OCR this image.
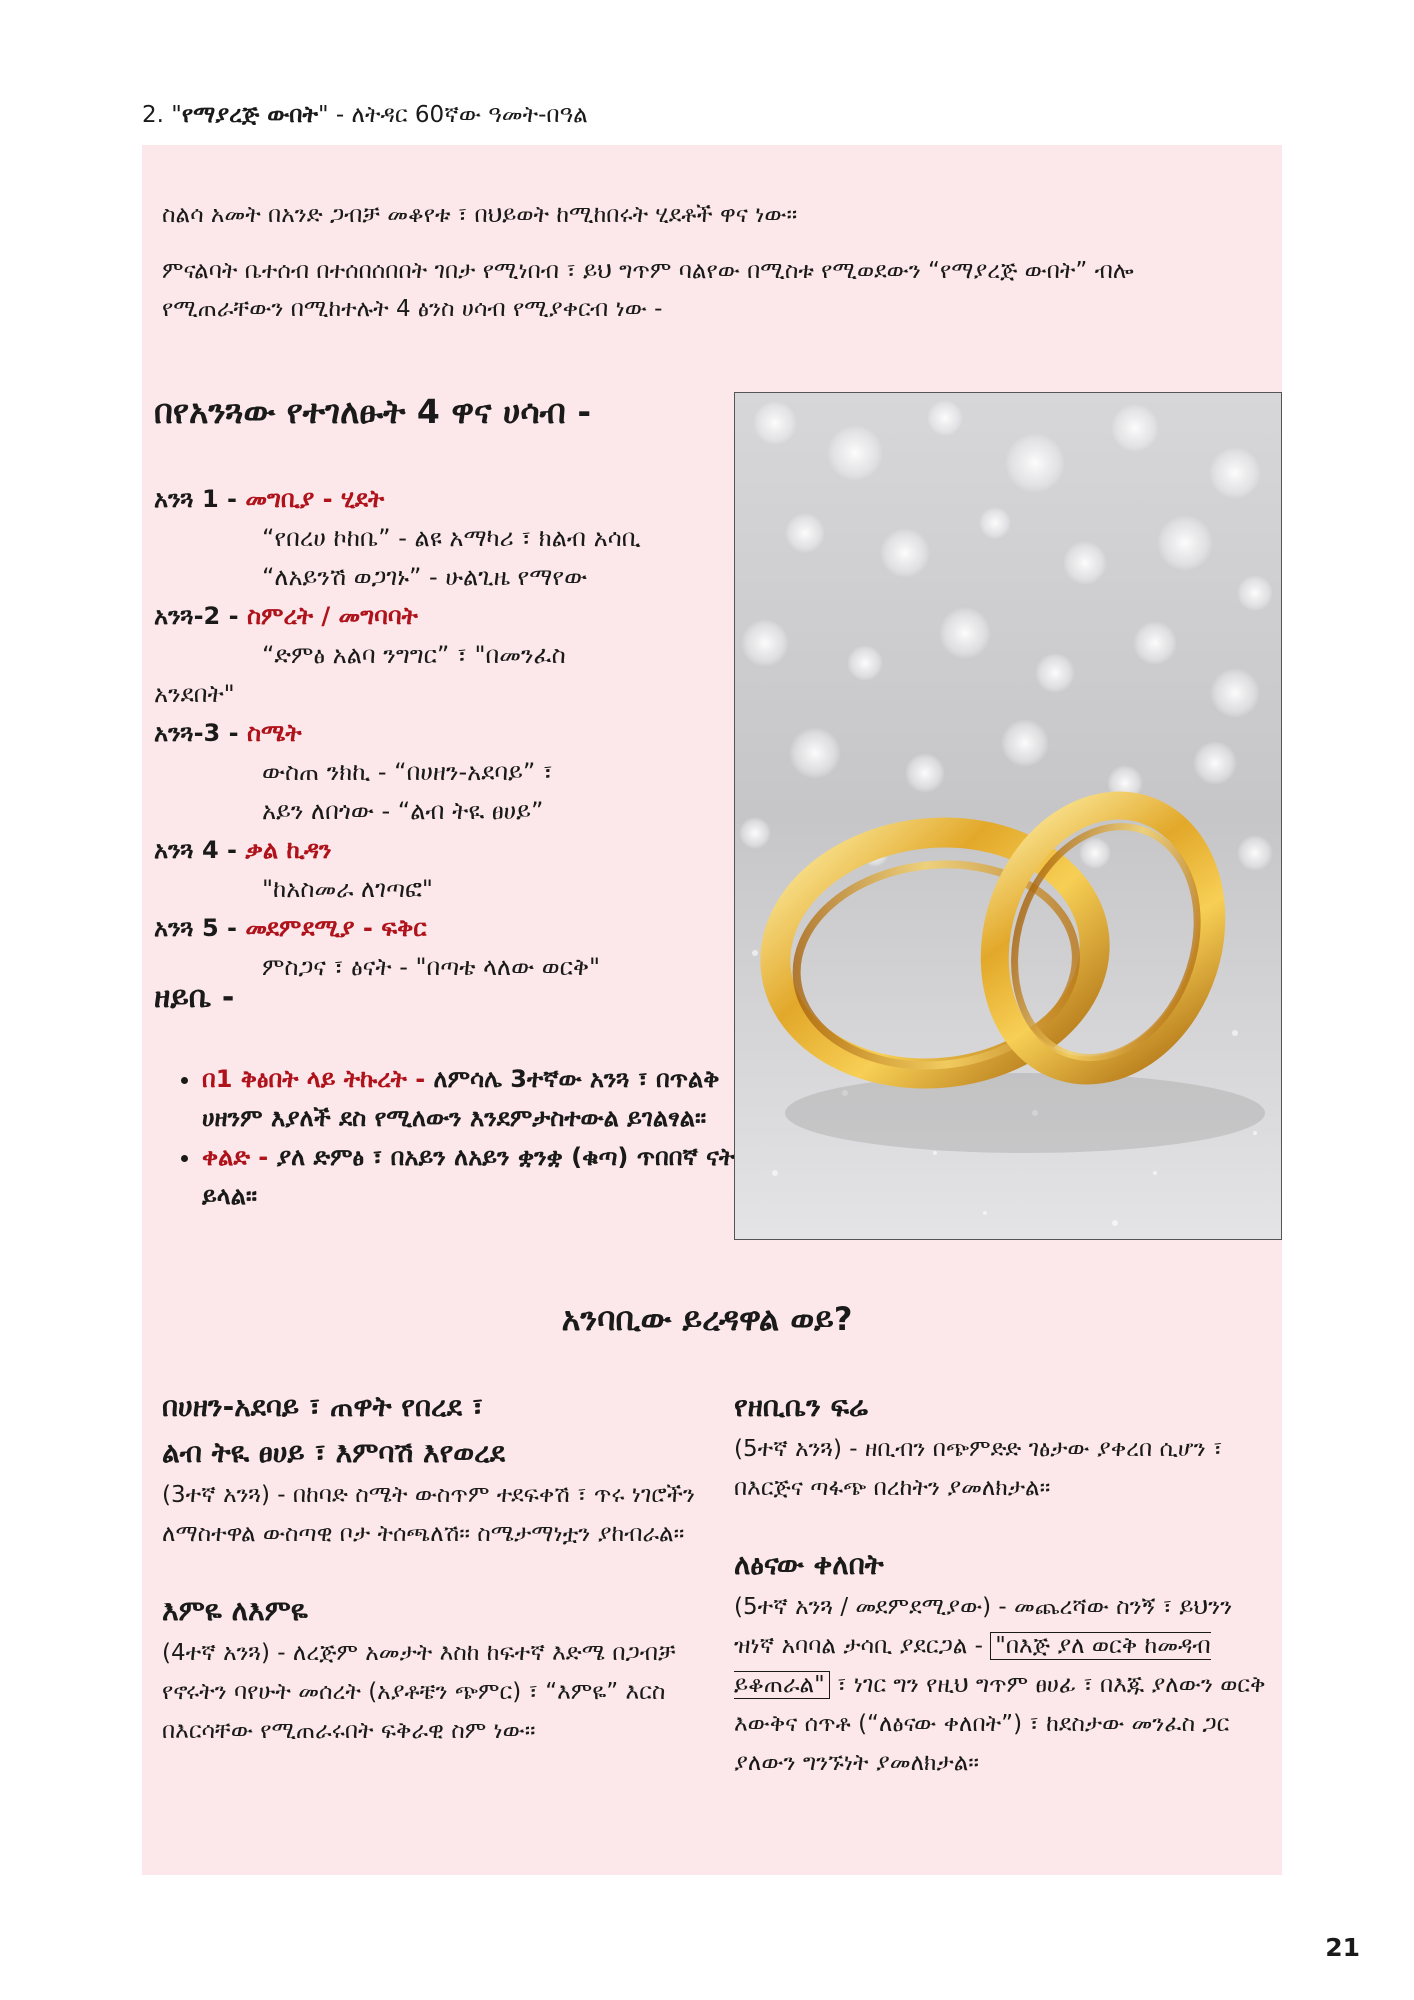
2. "የማያረጅ ውበት" - ለትዳር 60ኛው ዓመት-በዓል

ስልሳ አመት በአንድ ጋብቻ መቆየቱ ፣ በህይወት ከሚከበሩት ሂደቶች ዋና ነው።

ምናልባት ቤተሰብ በተሰበሰበበት ገበታ የሚነበብ ፣ ይህ ግጥም ባልየው በሚስቱ የሚወደውን “የማያረጅ ውበት” ብሎ የሚጠራቸውን በሚከተሉት 4 ፅንስ ሀሳብ የሚያቀርብ ነው -

በየአንጓው የተገለፁት 4 ዋና ሀሳብ -
አንጓ 1 - መግቢያ - ሂደት
“የበረሀ ኮከቤ” - ልዩ አማካሪ ፣ ክልብ አሳቢ
“ለአይንሽ ወጋገኑ” - ሁልጊዜ የማየው
አንጓ-2 - ስምረት / መግባባት
“ድምፅ አልባ ንግግር” ፣ "በመንፈስ
አንደበት"
አንጓ-3 - ስሜት
ውስጠ ንክኪ - “በሀዘን-አደባይ” ፣
አይን ለበጎው - “ልብ ትዪ ፀሀይ”
አንጓ 4 - ቃል ኪዳን
"ከአስመራ ለገጣፎ"
አንጓ 5 - መደምደሚያ - ፍቅር
ምስጋና ፣ ፅናት - "በጣቴ ላለው ወርቅ"
ዘይቤ -
• በ1 ቅፅበት ላይ ትኩረት - ለምሳሌ 3ተኛው አንጓ ፣ በጥልቅ ሀዘንም እያለች ደስ የሚለውን እንደምታስተውል ይገልፃል።
• ቀልድ - ያለ ድምፅ ፣ በአይን ለአይን ቋንቋ (ቁጣ) ጥበበኛ ናት ይላል።
አንባቢው ይረዳዋል ወይ?
በሀዘን-አደባይ ፣ ጠዋት የበረደ ፣
ልብ ትዪ ፀሀይ ፣ እምባሽ እየወረደ

(3ተኛ አንጓ) - በከባድ ስሜት ውስጥም ተደፍቀሽ ፣ ጥሩ ነገሮችን ለማስተዋል ውስጣዊ ቦታ ትሰጫለሽ። ስሜታማነቷን ያከብራል።

እምዬ ለእምዬ

(4ተኛ አንጓ) - ለረጅም አመታት እስከ ከፍተኛ እድሜ በጋብቻ የኖሩትን ባየሁት መሰረት (አያቶቼን ጭምር) ፣ “እምዬ” እርስ በእርሳቸው የሚጠራሩበት ፍቅራዊ ስም ነው።

የዘቢቤን ፍሬ

(5ተኛ አንጓ) - ዘቢብን በጭምድድ ገፅታው ያቀረበ ሲሆን ፣ በእርጅና ጣፋጭ በረከትን ያመለክታል።

ለፅናው ቀለበት

(5ተኛ አንጓ / መደምደሚያው) - መጨረሻው ስንኝ ፣ ይህንን ዝነኛ አባባል ታሳቢ ያደርጋል - "በእጅ ያለ ወርቅ ከመዳብ ይቆጠራል" ፣ ነገር ግን የዚህ ግጥም ፀሀፊ ፣ በእጁ ያለውን ወርቅ እውቅና ሰጥቶ (“ለፅናው ቀለበት”) ፣ ከደስታው መንፈስ ጋር ያለውን ግንኙነት ያመለክታል።

21
